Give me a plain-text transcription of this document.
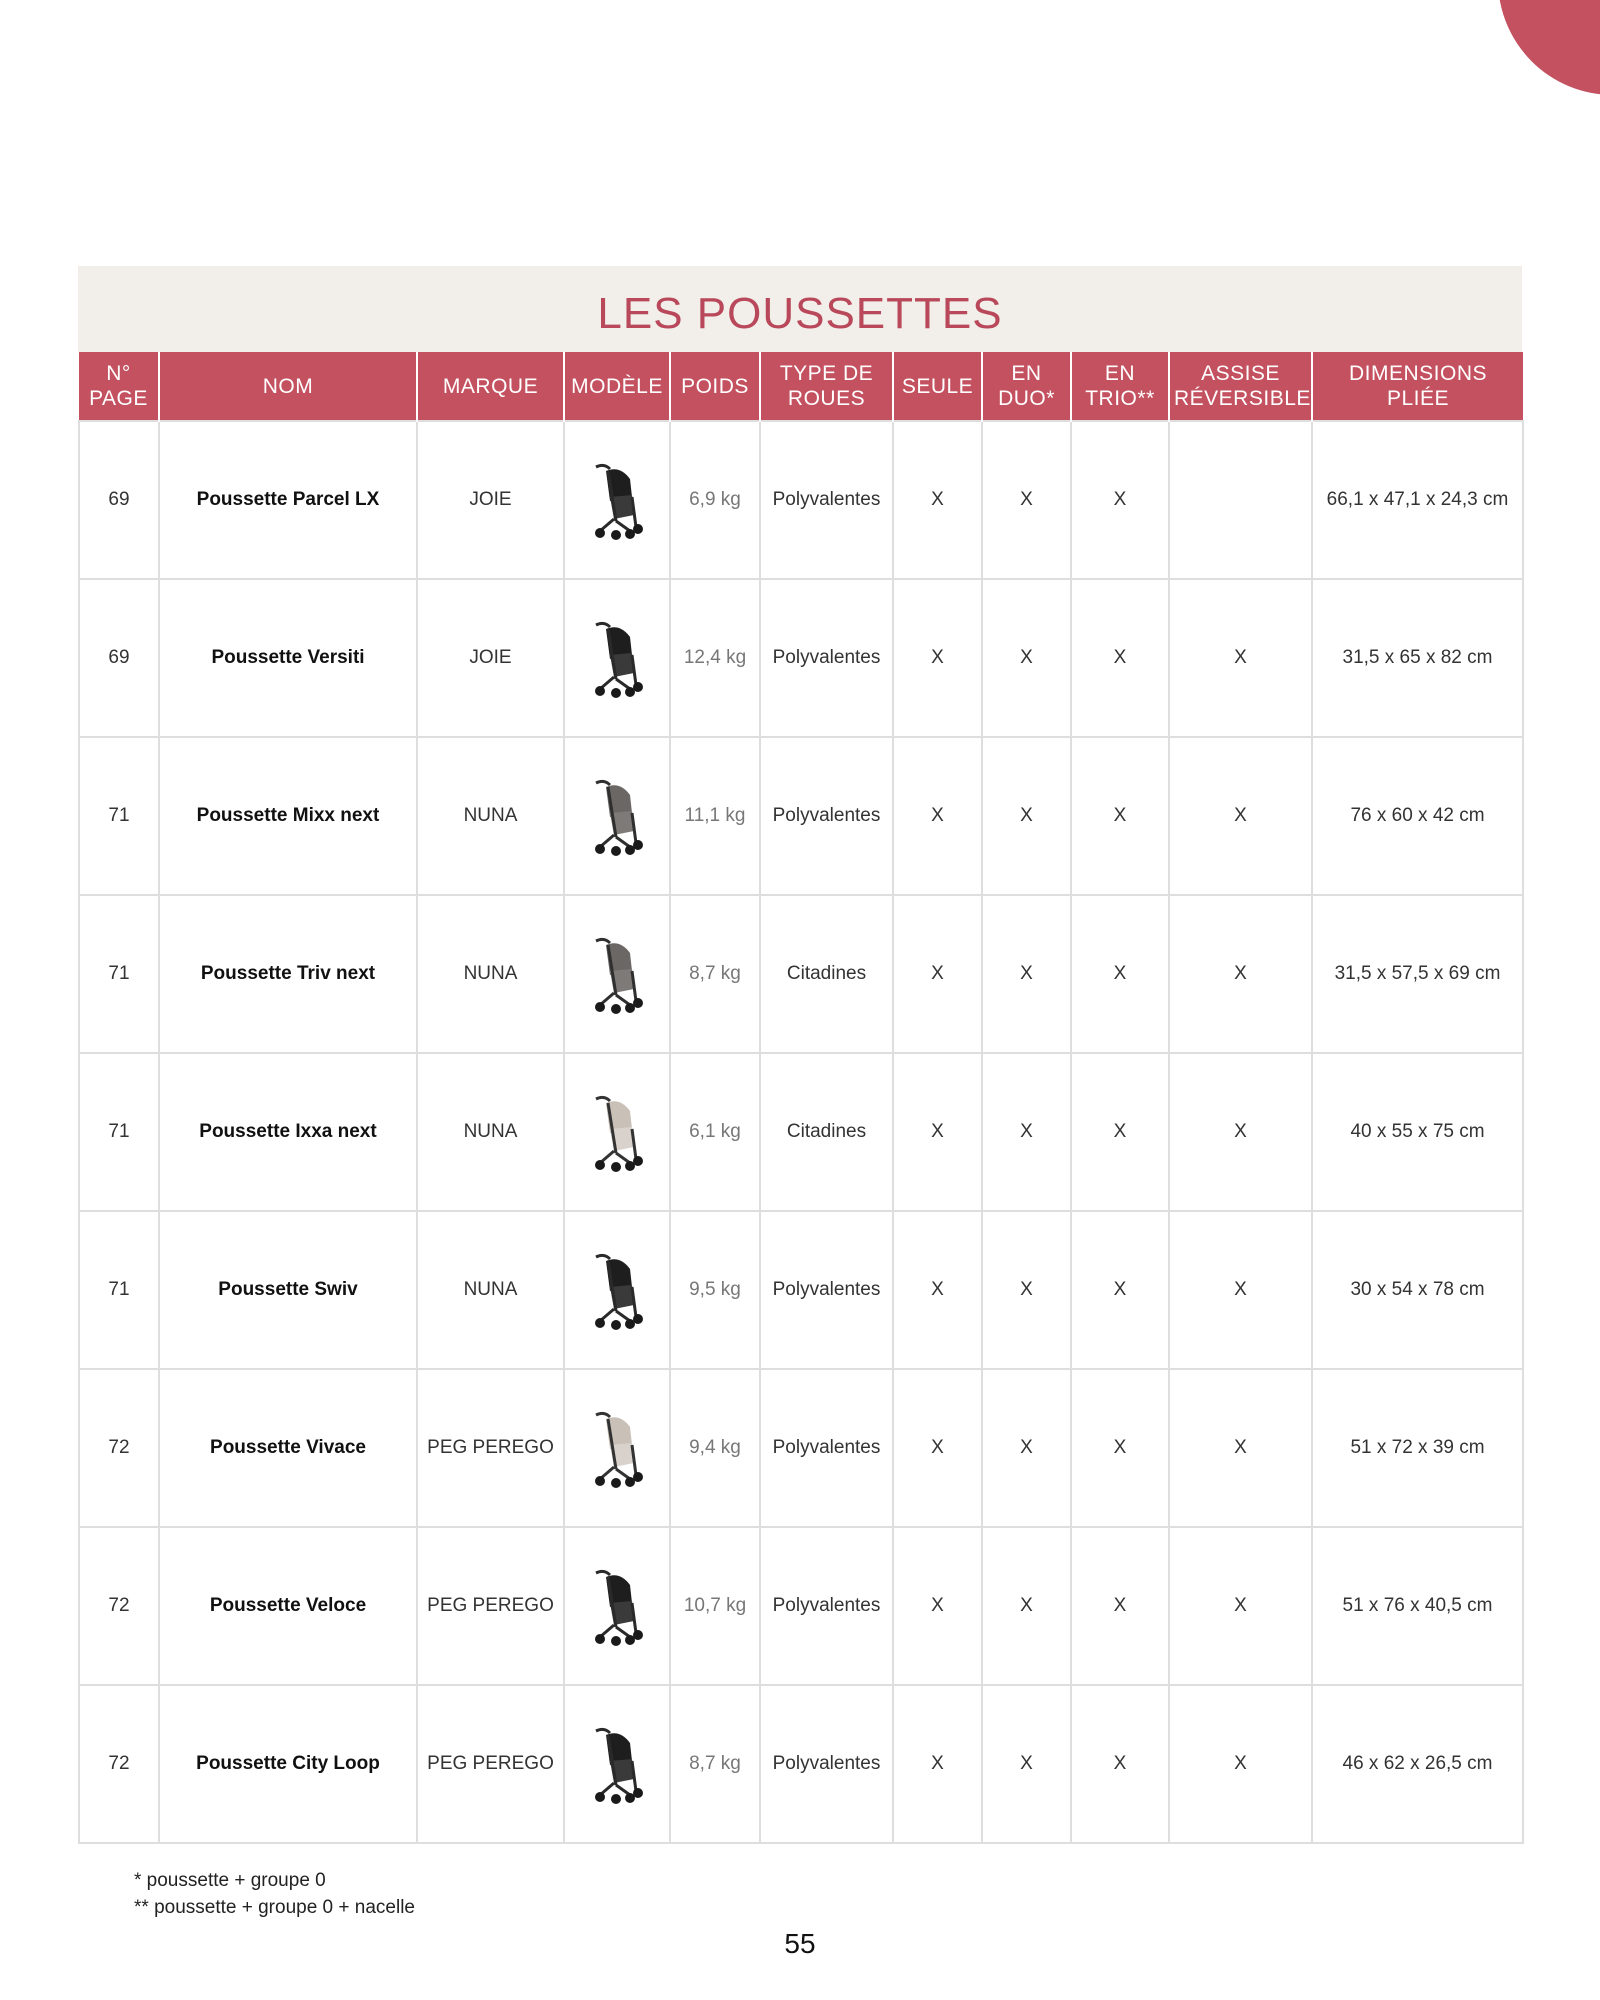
LES POUSSETTES
N° PAGE	NOM	MARQUE	MODÈLE	POIDS	TYPE DE ROUES	SEULE	EN DUO*	EN TRIO**	ASSISE RÉVERSIBLE	DIMENSIONS PLIÉE
69	Poussette Parcel LX	JOIE		6,9 kg	Polyvalentes	X	X	X		66,1 x 47,1 x 24,3 cm
69	Poussette Versiti	JOIE		12,4 kg	Polyvalentes	X	X	X	X	31,5 x 65 x 82 cm
71	Poussette Mixx next	NUNA		11,1 kg	Polyvalentes	X	X	X	X	76 x 60 x 42 cm
71	Poussette Triv next	NUNA		8,7 kg	Citadines	X	X	X	X	31,5 x 57,5 x 69 cm
71	Poussette Ixxa next	NUNA		6,1 kg	Citadines	X	X	X	X	40 x 55 x 75 cm
71	Poussette Swiv	NUNA		9,5 kg	Polyvalentes	X	X	X	X	30 x 54 x 78 cm
72	Poussette Vivace	PEG PEREGO		9,4 kg	Polyvalentes	X	X	X	X	51 x 72 x 39 cm
72	Poussette Veloce	PEG PEREGO		10,7 kg	Polyvalentes	X	X	X	X	51 x 76 x 40,5 cm
72	Poussette City Loop	PEG PEREGO		8,7 kg	Polyvalentes	X	X	X	X	46 x 62 x 26,5 cm
* poussette + groupe 0
** poussette + groupe 0 + nacelle
55
